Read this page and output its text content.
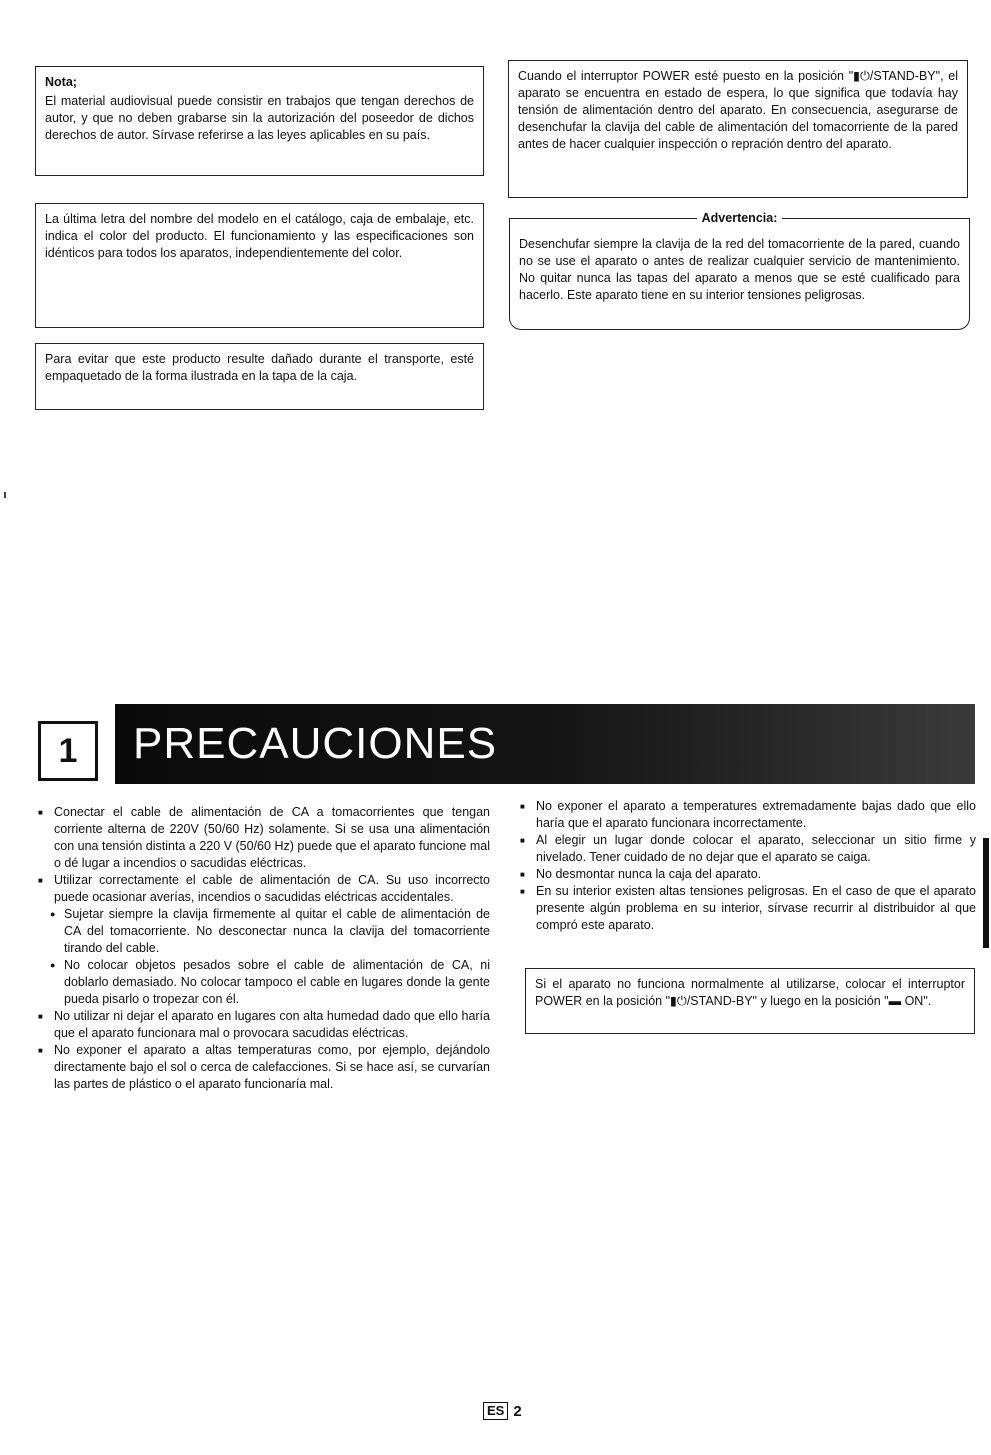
Nota;

El material audiovisual puede consistir en trabajos que tengan derechos de autor, y que no deben grabarse sin la autorización del poseedor de dichos derechos de autor. Sírvase referirse a las leyes aplicables en su país.

La última letra del nombre del modelo en el catálogo, caja de embalaje, etc. indica el color del producto. El funcionamiento y las especificaciones son idénticos para todos los aparatos, independientemente del color.

Para evitar que este producto resulte dañado durante el transporte, esté empaquetado de la forma ilustrada en la tapa de la caja.

Cuando el interruptor POWER esté puesto en la posición "▮⏻/STAND-BY", el aparato se encuentra en estado de espera, lo que significa que todavía hay tensión de alimentación dentro del aparato. En consecuencia, asegurarse de desenchufar la clavija del cable de alimentación del tomacorriente de la pared antes de hacer cualquier inspección o repración dentro del aparato.

Advertencia:

Desenchufar siempre la clavija de la red del tomacorriente de la pared, cuando no se use el aparato o antes de realizar cualquier servicio de mantenimiento. No quitar nunca las tapas del aparato a menos que se esté cualificado para hacerlo. Este aparato tiene en su interior tensiones peligrosas.

1	PRECAUCIONES
■ Conectar el cable de alimentación de CA a tomacorrientes que tengan corriente alterna de 220V (50/60 Hz) solamente. Si se usa una alimentación con una tensión distinta a 220 V (50/60 Hz) puede que el aparato funcione mal o dé lugar a incendios o sacudidas eléctricas.
■ Utilizar correctamente el cable de alimentación de CA. Su uso incorrecto puede ocasionar averías, incendios o sacudidas eléctricas accidentales.
● Sujetar siempre la clavija firmemente al quitar el cable de alimentación de CA del tomacorriente. No desconectar nunca la clavija del tomacorriente tirando del cable.
● No colocar objetos pesados sobre el cable de alimentación de CA, ni doblarlo demasiado. No colocar tampoco el cable en lugares donde la gente pueda pisarlo o tropezar con él.
■ No utilizar ni dejar el aparato en lugares con alta humedad dado que ello haría que el aparato funcionara mal o provocara sacudidas eléctricas.
■ No exponer el aparato a altas temperaturas como, por ejemplo, dejándolo directamente bajo el sol o cerca de calefacciones. Si se hace así, se curvarían las partes de plástico o el aparato funcionaría mal.
■ No exponer el aparato a temperatures extremadamente bajas dado que ello haría que el aparato funcionara incorrectamente.
■ Al elegir un lugar donde colocar el aparato, seleccionar un sitio firme y nivelado. Tener cuidado de no dejar que el aparato se caiga.
■ No desmontar nunca la caja del aparato.
■ En su interior existen altas tensiones peligrosas. En el caso de que el aparato presente algún problema en su interior, sírvase recurrir al distribuidor al que compró este aparato.

Si el aparato no funciona normalmente al utilizarse, colocar el interruptor POWER en la posición "▮⏻/STAND-BY" y luego en la posición "▬ ON".

ES 2
